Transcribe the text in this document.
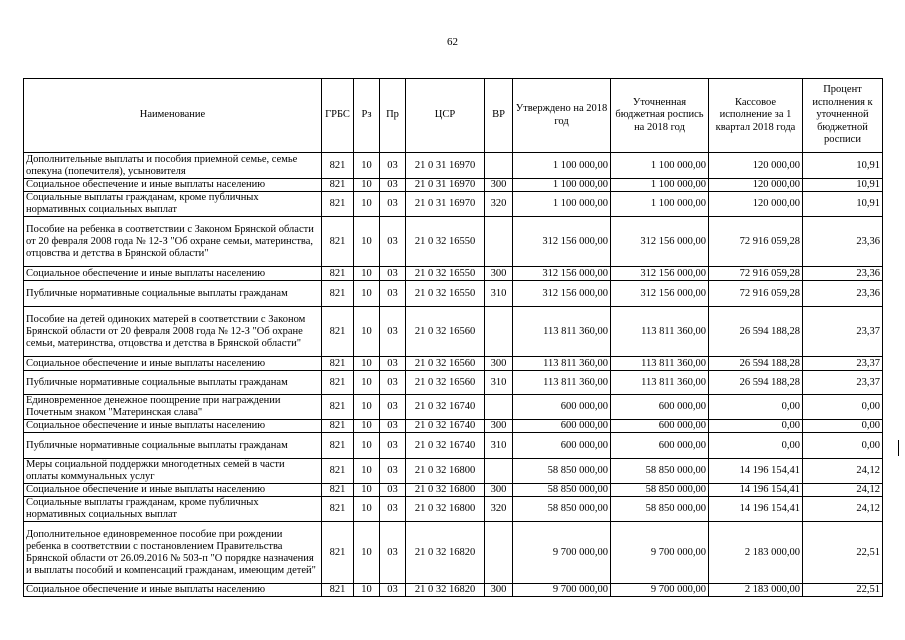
62
Наименование	ГРБС	Рз	Пр	ЦСР	ВР	Утверждено на 2018 год	Уточненная бюджетная роспись на 2018 год	Кассовое исполнение за 1 квартал 2018 года	Процент исполнения к уточненной бюджетной росписи
Дополнительные выплаты и пособия приемной семье, семье опекуна (попечителя), усыновителя	821	10	03	21 0 31 16970		1 100 000,00	1 100 000,00	120 000,00	10,91
Социальное обеспечение и иные выплаты населению	821	10	03	21 0 31 16970	300	1 100 000,00	1 100 000,00	120 000,00	10,91
Социальные выплаты гражданам, кроме публичных нормативных социальных выплат	821	10	03	21 0 31 16970	320	1 100 000,00	1 100 000,00	120 000,00	10,91
Пособие на ребенка в соответствии с Законом Брянской области от 20 февраля 2008 года № 12-З "Об охране семьи, материнства, отцовства и детства в Брянской области"	821	10	03	21 0 32 16550		312 156 000,00	312 156 000,00	72 916 059,28	23,36
Социальное обеспечение и иные выплаты населению	821	10	03	21 0 32 16550	300	312 156 000,00	312 156 000,00	72 916 059,28	23,36
Публичные нормативные социальные выплаты гражданам	821	10	03	21 0 32 16550	310	312 156 000,00	312 156 000,00	72 916 059,28	23,36
Пособие на детей одиноких матерей в соответствии с Законом Брянской области от 20 февраля 2008 года № 12-З "Об охране семьи, материнства, отцовства и детства в Брянской области"	821	10	03	21 0 32 16560		113 811 360,00	113 811 360,00	26 594 188,28	23,37
Социальное обеспечение и иные выплаты населению	821	10	03	21 0 32 16560	300	113 811 360,00	113 811 360,00	26 594 188,28	23,37
Публичные нормативные социальные выплаты гражданам	821	10	03	21 0 32 16560	310	113 811 360,00	113 811 360,00	26 594 188,28	23,37
Единовременное денежное поощрение при награждении Почетным знаком "Материнская слава"	821	10	03	21 0 32 16740		600 000,00	600 000,00	0,00	0,00
Социальное обеспечение и иные выплаты населению	821	10	03	21 0 32 16740	300	600 000,00	600 000,00	0,00	0,00
Публичные нормативные социальные выплаты гражданам	821	10	03	21 0 32 16740	310	600 000,00	600 000,00	0,00	0,00
Меры социальной поддержки многодетных семей в части оплаты коммунальных услуг	821	10	03	21 0 32 16800		58 850 000,00	58 850 000,00	14 196 154,41	24,12
Социальное обеспечение и иные выплаты населению	821	10	03	21 0 32 16800	300	58 850 000,00	58 850 000,00	14 196 154,41	24,12
Социальные выплаты гражданам, кроме публичных нормативных социальных выплат	821	10	03	21 0 32 16800	320	58 850 000,00	58 850 000,00	14 196 154,41	24,12
Дополнительное единовременное пособие при рождении ребенка в соответствии с постановлением Правительства Брянской области от 26.09.2016 № 503-п "О порядке назначения и выплаты пособий и компенсаций гражданам, имеющим детей"	821	10	03	21 0 32 16820		9 700 000,00	9 700 000,00	2 183 000,00	22,51
Социальное обеспечение и иные выплаты населению	821	10	03	21 0 32 16820	300	9 700 000,00	9 700 000,00	2 183 000,00	22,51
